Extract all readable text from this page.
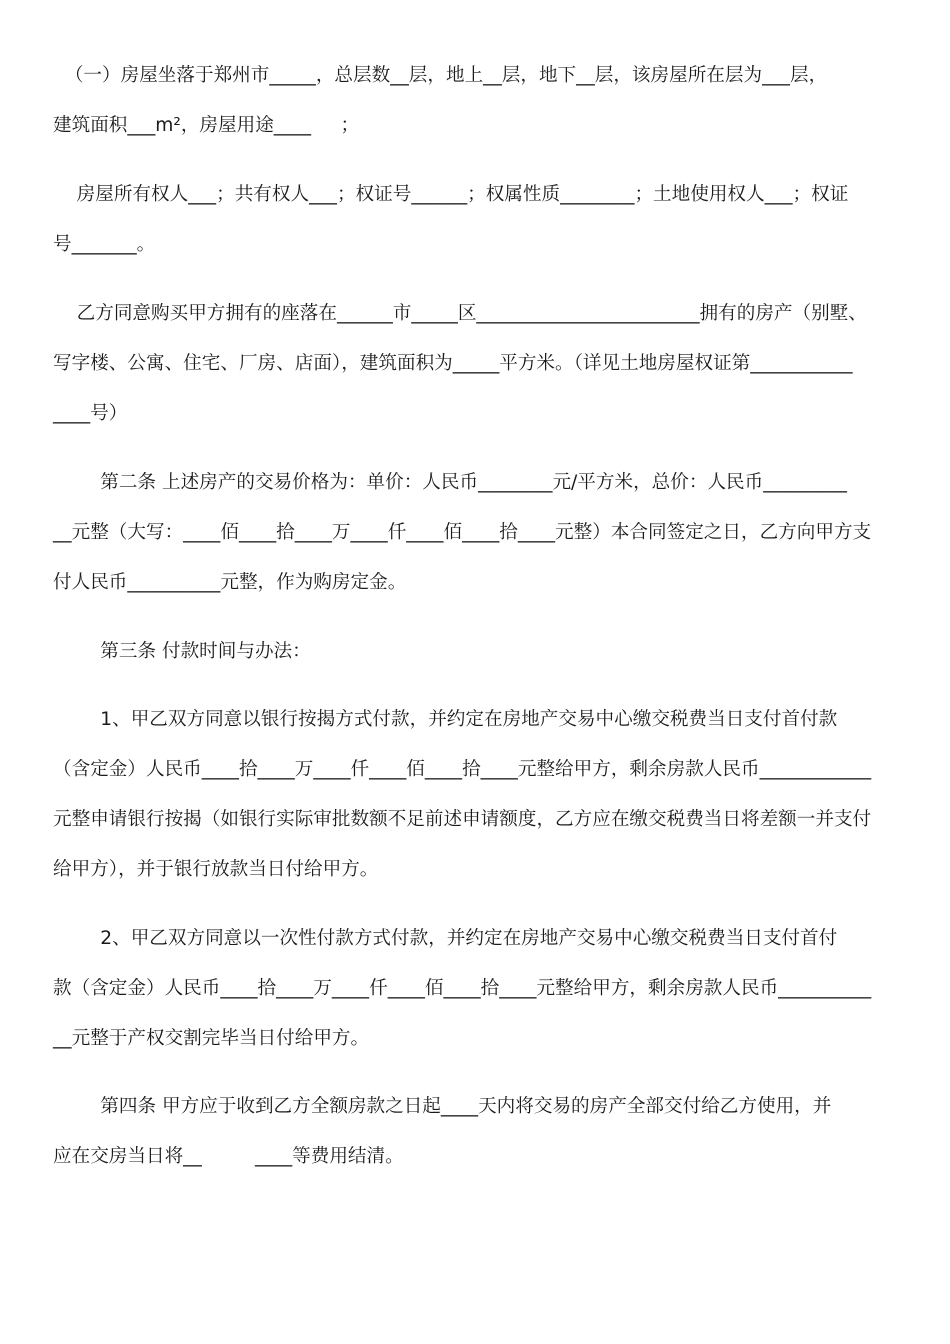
（一）房屋坐落于郑州市_____，总层数__层，地上__层，地下__层，该房屋所在层为___层，
建筑面积___m²，房屋用途____     ；
房屋所有权人___；共有权人___；权证号______；权属性质________；土地使用权人___；权证
号_______。
乙方同意购买甲方拥有的座落在______市_____区________________________拥有的房产（别墅、
写字楼、公寓、住宅、厂房、店面），建筑面积为_____平方米。（详见土地房屋权证第___________
____号）
第二条 上述房产的交易价格为：单价：人民币________元/平方米，总价：人民币_________
__元整（大写：____佰____拾____万____仟____佰____拾____元整）本合同签定之日，乙方向甲方支
付人民币__________元整，作为购房定金。
第三条 付款时间与办法：
1、甲乙双方同意以银行按揭方式付款，并约定在房地产交易中心缴交税费当日支付首付款
（含定金）人民币____拾____万____仟____佰____拾____元整给甲方，剩余房款人民币____________
元整申请银行按揭（如银行实际审批数额不足前述申请额度，乙方应在缴交税费当日将差额一并支付
给甲方），并于银行放款当日付给甲方。
2、甲乙双方同意以一次性付款方式付款，并约定在房地产交易中心缴交税费当日支付首付
款（含定金）人民币____拾____万____仟____佰____拾____元整给甲方，剩余房款人民币__________
__元整于产权交割完毕当日付给甲方。
第四条 甲方应于收到乙方全额房款之日起____天内将交易的房产全部交付给乙方使用，并
应在交房当日将__         ____等费用结清。
